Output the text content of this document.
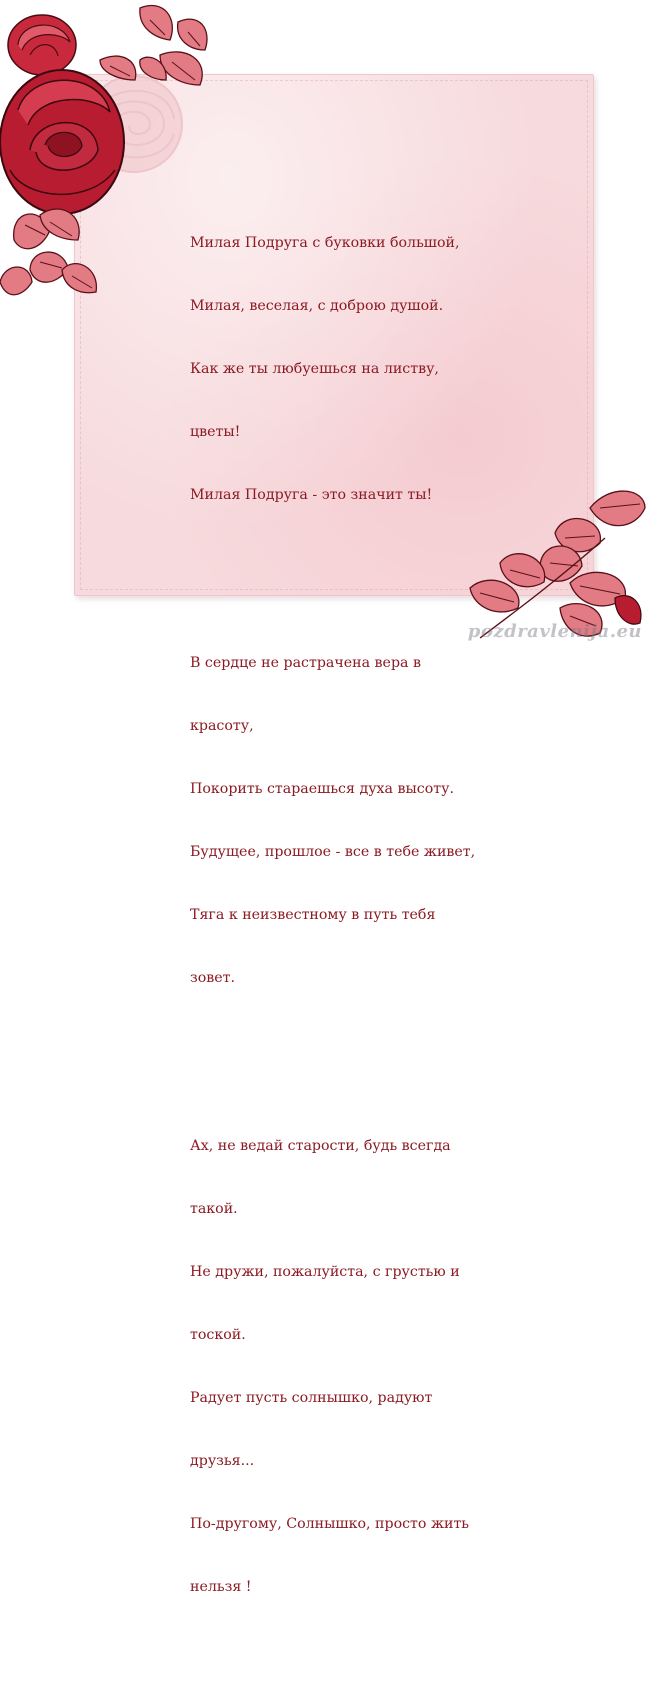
Милая Подруга с буковки большой,

Милая, веселая, с доброю душой.

Как же ты любуешься на листву,

цветы!

Милая Подруга - это значит ты!

В сердце не растрачена вера в

красоту,

Покорить стараешься духа высоту.

Будущее, прошлое - все в тебе живет,

Тяга к неизвестному в путь тебя

зовет.

Ах, не ведай старости, будь всегда

такой.

Не дружи, пожалуйста, с грустью и

тоской.

Радует пусть солнышко, радуют

друзья...

По-другому, Солнышко, просто жить

нельзя !

pozdravlenija.eu
